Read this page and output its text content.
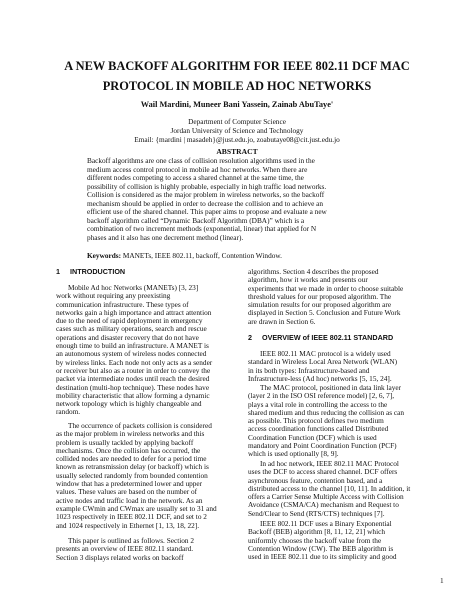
A NEW BACKOFF ALGORITHM FOR IEEE 802.11 DCF MAC
PROTOCOL IN MOBILE AD HOC NETWORKS
Wail Mardini, Muneer Bani Yassein, Zainab AbuTaye'
Department of Computer Science
Jordan University of Science and Technology
Email: {mardini | masadeh}@just.edu.jo, zoabutaye08@cit.just.edu.jo
ABSTRACT
Backoff algorithms are one class of collision resolution algorithms used in the
medium access control protocol in mobile ad hoc networks. When there are
different nodes competing to access a shared channel at the same time, the
possibility of collision is highly probable, especially in high traffic load networks.
Collision is considered as the major problem in wireless networks, so the backoff
mechanism should be applied in order to decrease the collision and to achieve an
efficient use of the shared channel. This paper aims to propose and evaluate a new
backoff algorithm called “Dynamic Backoff Algorithm (DBA)” which is a
combination of two increment methods (exponential, linear) that applied for N
phases and it also has one decrement method (linear).
Keywords: MANETs, IEEE 802.11, backoff, Contention Window.
1 INTRODUCTION
Mobile Ad hoc Networks (MANETs) [3, 23]
work without requiring any preexisting
communication infrastructure. These types of
networks gain a high importance and attract attention
due to the need of rapid deployment in emergency
cases such as military operations, search and rescue
operations and disaster recovery that do not have
enough time to build an infrastructure. A MANET is
an autonomous system of wireless nodes connected
by wireless links. Each node not only acts as a sender
or receiver but also as a router in order to convey the
packet via intermediate nodes until reach the desired
destination (multi-hop technique). These nodes have
mobility characteristic that allow forming a dynamic
network topology which is highly changeable and
random.
The occurrence of packets collision is considered
as the major problem in wireless networks and this
problem is usually tackled by applying backoff
mechanisms. Once the collision has occurred, the
collided nodes are needed to defer for a period time
known as retransmission delay (or backoff) which is
usually selected randomly from bounded contention
window that has a predetermined lower and upper
values. These values are based on the number of
active nodes and traffic load in the network. As an
example CWmin and CWmax are usually set to 31 and
1023 respectively in IEEE 802.11 DCF, and set to 2
and 1024 respectively in Ethernet [1, 13, 18, 22].
This paper is outlined as follows. Section 2
presents an overview of IEEE 802.11 standard.
Section 3 displays related works on backoff
algorithms. Section 4 describes the proposed
algorithm, how it works and presents our
experiments that we made in order to choose suitable
threshold values for our proposed algorithm. The
simulation results for our proposed algorithm are
displayed in Section 5. Conclusion and Future Work
are drawn in Section 6.
2 OVERVIEW of IEEE 802.11 STANDARD
IEEE 802.11 MAC protocol is a widely used
standard in Wireless Local Area Network (WLAN)
in its both types: Infrastructure-based and
Infrastructure-less (Ad hoc) networks [5, 15, 24].
The MAC protocol, positioned in data link layer
(layer 2 in the ISO OSI reference model) [2, 6, 7],
plays a vital role in controlling the access to the
shared medium and thus reducing the collision as can
as possible. This protocol defines two medium
access coordination functions called Distributed
Coordination Function (DCF) which is used
mandatory and Point Coordination Function (PCF)
which is used optionally [8, 9].
In ad hoc network, IEEE 802.11 MAC Protocol
uses the DCF to access shared channel. DCF offers
asynchronous feature, contention based, and a
distributed access to the channel [10, 11]. In addition, it
offers a Carrier Sense Multiple Access with Collision
Avoidance (CSMA/CA) mechanism and Request to
Send/Clear to Send (RTS/CTS) techniques [7].
IEEE 802.11 DCF uses a Binary Exponential
Backoff (BEB) algorithm [8, 11, 12, 21] which
uniformly chooses the backoff value from the
Contention Window (CW). The BEB algorithm is
used in IEEE 802.11 due to its simplicity and good
1
